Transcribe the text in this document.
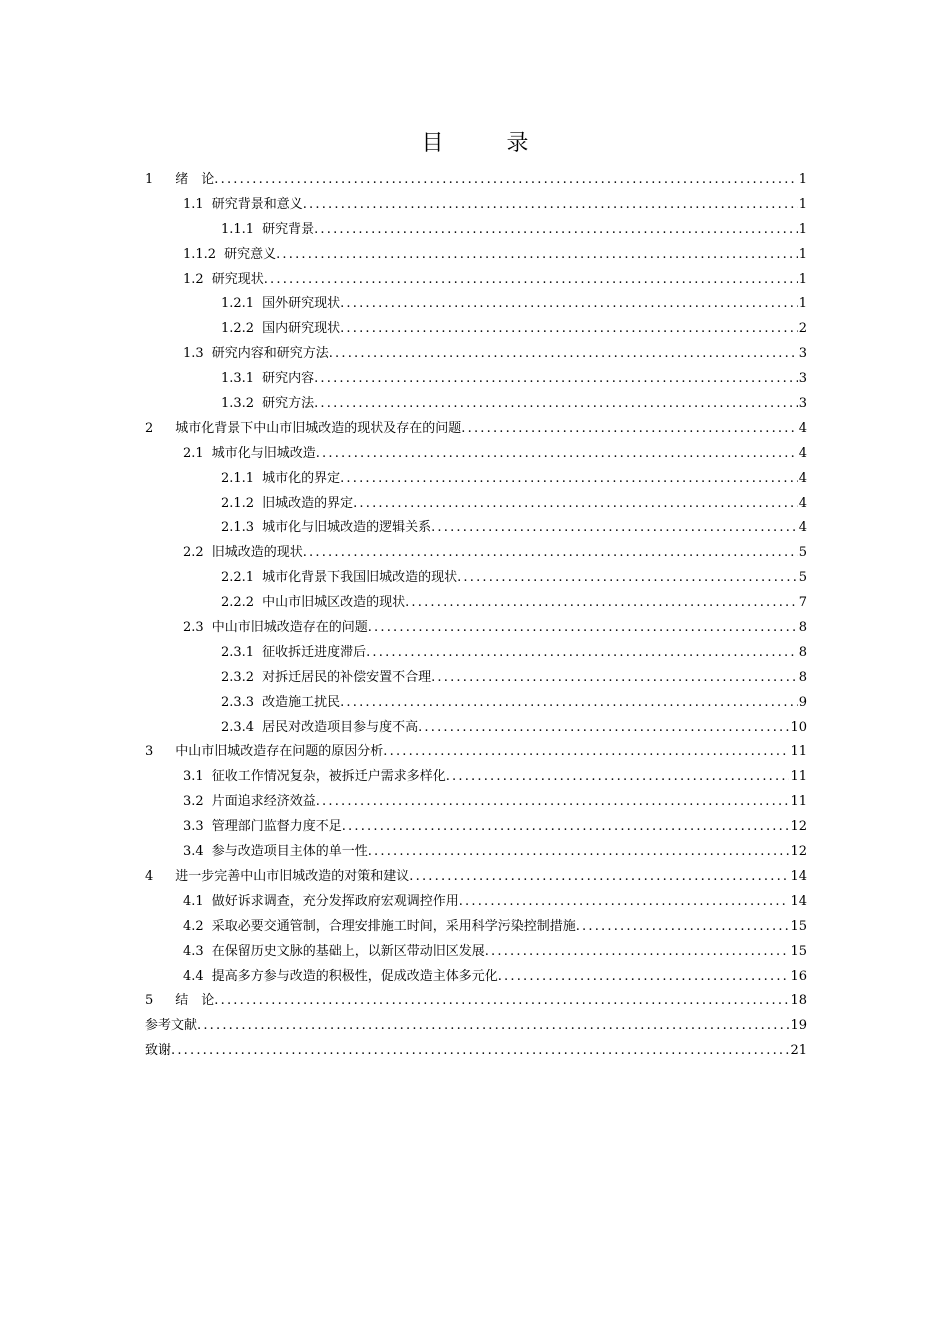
目 录
1	绪　论 .....	1
1.1 研究背景和意义 .....	1
1.1.1 研究背景 .....	1
1.1.2 研究意义 .....	1
1.2 研究现状 .....	1
1.2.1 国外研究现状 .....	1
1.2.2 国内研究现状 .....	2
1.3 研究内容和研究方法 .....	3
1.3.1 研究内容 .....	3
1.3.2 研究方法 .....	3
2	城市化背景下中山市旧城改造的现状及存在的问题 .....	4
2.1 城市化与旧城改造 .....	4
2.1.1 城市化的界定 .....	4
2.1.2 旧城改造的界定 .....	4
2.1.3 城市化与旧城改造的逻辑关系 .....	4
2.2 旧城改造的现状 .....	5
2.2.1 城市化背景下我国旧城改造的现状 .....	5
2.2.2 中山市旧城区改造的现状 .....	7
2.3 中山市旧城改造存在的问题 .....	8
2.3.1 征收拆迁进度滞后 .....	8
2.3.2 对拆迁居民的补偿安置不合理 .....	8
2.3.3 改造施工扰民 .....	9
2.3.4 居民对改造项目参与度不高 .....	10
3	中山市旧城改造存在问题的原因分析 .....	11
3.1 征收工作情况复杂，被拆迁户需求多样化 .....	11
3.2 片面追求经济效益 .....	11
3.3 管理部门监督力度不足 .....	12
3.4 参与改造项目主体的单一性 .....	12
4	进一步完善中山市旧城改造的对策和建议 .....	14
4.1 做好诉求调查，充分发挥政府宏观调控作用 .....	14
4.2 采取必要交通管制，合理安排施工时间，采用科学污染控制措施 .....	15
4.3 在保留历史文脉的基础上，以新区带动旧区发展 .....	15
4.4 提高多方参与改造的积极性，促成改造主体多元化 .....	16
5	结　论 .....	18
参考文献 .....	19
致谢 .....	21
